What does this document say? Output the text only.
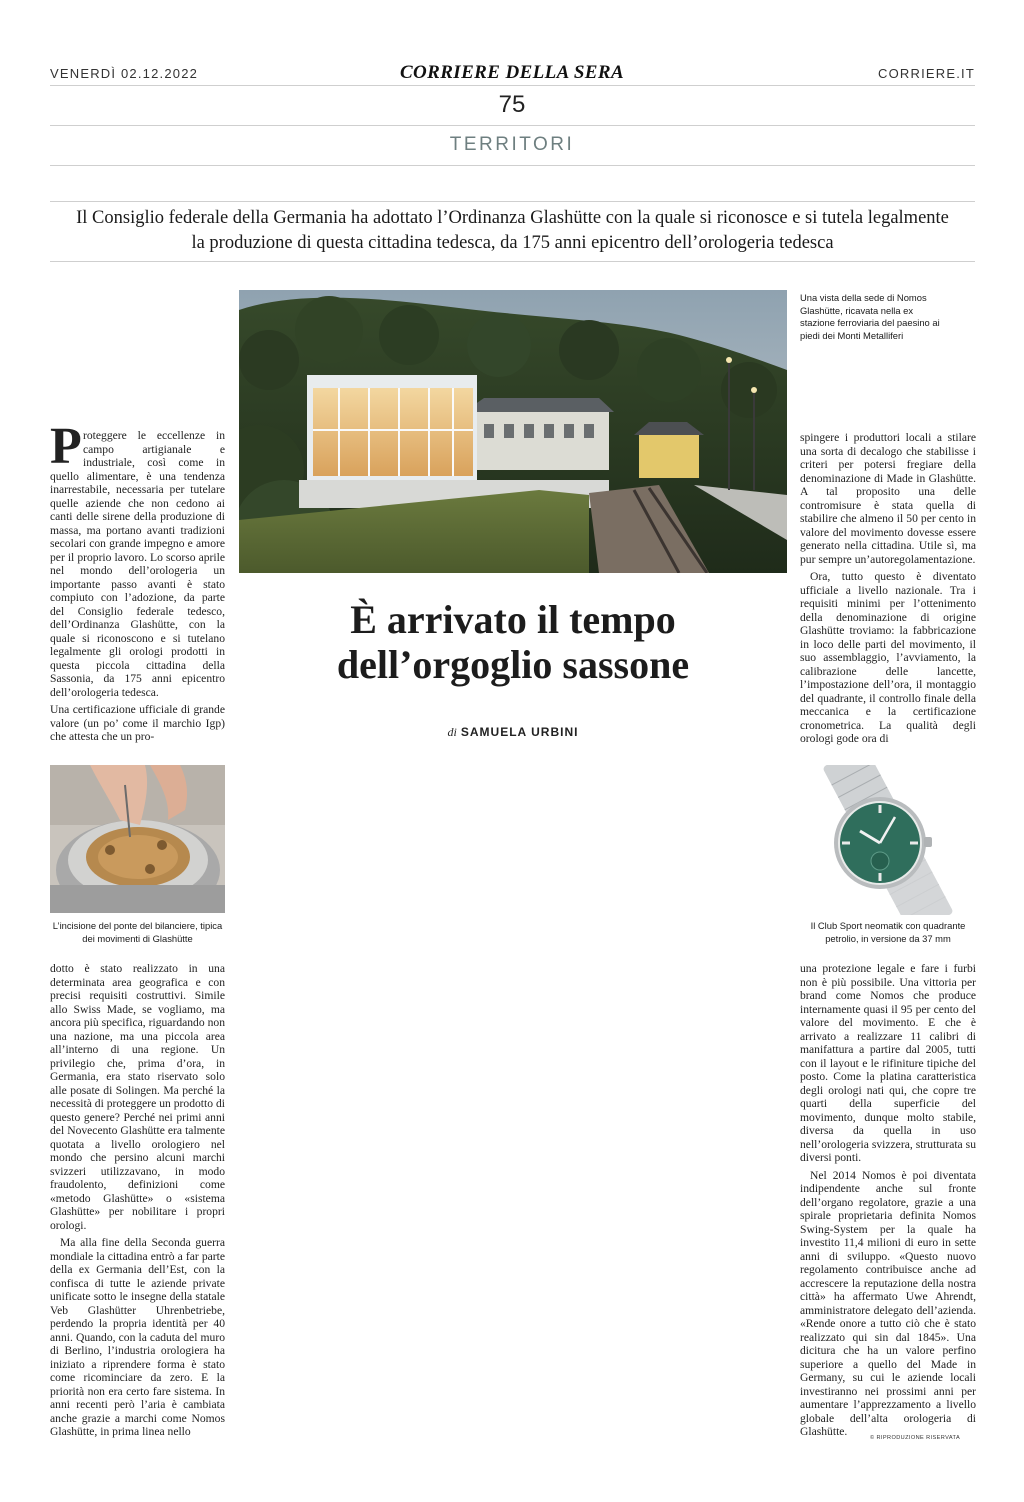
VENERDÌ 02.12.2022	CORRIERE DELLA SERA	CORRIERE.IT
75
TERRITORI
Il Consiglio federale della Germania ha adottato l’Ordinanza Glashütte con la quale si riconosce e si tutela legalmente
la produzione di questa cittadina tedesca, da 175 anni epicentro dell’orologeria tedesca
Una vista della sede di Nomos Glashütte, ricavata nella ex stazione ferroviaria del paesino ai piedi dei Monti Metalliferi
È arrivato il tempo
dell’orgoglio sassone
di SAMUELA URBINI
P roteggere le eccellenze in campo artigianale e industriale, così come in quello alimentare, è una tendenza inarrestabile, necessaria per tutelare quelle aziende che non cedono ai canti delle sirene della produzione di massa, ma portano avanti tradizioni secolari con grande impegno e amore per il proprio lavoro. Lo scorso aprile nel mondo dell’orologeria un importante passo avanti è stato compiuto con l’adozione, da parte del Consiglio federale tedesco, dell’Ordinanza Glashütte, con la quale si riconoscono e si tutelano legalmente gli orologi prodotti in questa piccola cittadina della Sassonia, da 175 anni epicentro dell’orologeria tedesca.

Una certificazione ufficiale di grande valore (un po’ come il marchio Igp) che attesta che un pro-

L’incisione del ponte del bilanciere, tipica dei movimenti di Glashütte

dotto è stato realizzato in una determinata area geografica e con precisi requisiti costruttivi. Simile allo Swiss Made, se vogliamo, ma ancora più specifica, riguardando non una nazione, ma una piccola area all’interno di una regione. Un privilegio che, prima d’ora, in Germania, era stato riservato solo alle posate di Solingen. Ma perché la necessità di proteggere un prodotto di questo genere? Perché nei primi anni del Novecento Glashütte era talmente quotata a livello orologiero nel mondo che persino alcuni marchi svizzeri utilizzavano, in modo fraudolento, definizioni come «metodo Glashütte» o «sistema Glashütte» per nobilitare i propri orologi.

Ma alla fine della Seconda guerra mondiale la cittadina entrò a far parte della ex Germania dell’Est, con la confisca di tutte le aziende private unificate sotto le insegne della statale Veb Glashütter Uhrenbetriebe, perdendo la propria identità per 40 anni. Quando, con la caduta del muro di Berlino, l’industria orologiera ha iniziato a riprendere forma è stato come ricominciare da zero. E la priorità non era certo fare sistema. In anni recenti però l’aria è cambiata anche grazie a marchi come Nomos Glashütte, in prima linea nello

spingere i produttori locali a stilare una sorta di decalogo che stabilisse i criteri per potersi fregiare della denominazione di Made in Glashütte. A tal proposito una delle contromisure è stata quella di stabilire che almeno il 50 per cento in valore del movimento dovesse essere generato nella cittadina. Utile sì, ma pur sempre un’autoregolamentazione.

Ora, tutto questo è diventato ufficiale a livello nazionale. Tra i requisiti minimi per l’ottenimento della denominazione di origine Glashütte troviamo: la fabbricazione in loco delle parti del movimento, il suo assemblaggio, l’avviamento, la calibrazione delle lancette, l’impostazione dell’ora, il montaggio del quadrante, il controllo finale della meccanica e la certificazione cronometrica. La qualità degli orologi gode ora di

Il Club Sport neomatik con quadrante petrolio, in versione da 37 mm

una protezione legale e fare i furbi non è più possibile. Una vittoria per brand come Nomos che produce internamente quasi il 95 per cento del valore del movimento. E che è arrivato a realizzare 11 calibri di manifattura a partire dal 2005, tutti con il layout e le rifiniture tipiche del posto. Come la platina caratteristica degli orologi nati qui, che copre tre quarti della superficie del movimento, dunque molto stabile, diversa da quella in uso nell’orologeria svizzera, strutturata su diversi ponti.

Nel 2014 Nomos è poi diventata indipendente anche sul fronte dell’organo regolatore, grazie a una spirale proprietaria definita Nomos Swing-System per la quale ha investito 11,4 milioni di euro in sette anni di sviluppo. «Questo nuovo regolamento contribuisce anche ad accrescere la reputazione della nostra città» ha affermato Uwe Ahrendt, amministratore delegato dell’azienda. «Rende onore a tutto ciò che è stato realizzato qui sin dal 1845». Una dicitura che ha un valore perfino superiore a quello del Made in Germany, su cui le aziende locali investiranno nei prossimi anni per aumentare l’apprezzamento a livello globale dell’alta orologeria di Glashütte.	© RIPRODUZIONE RISERVATA
